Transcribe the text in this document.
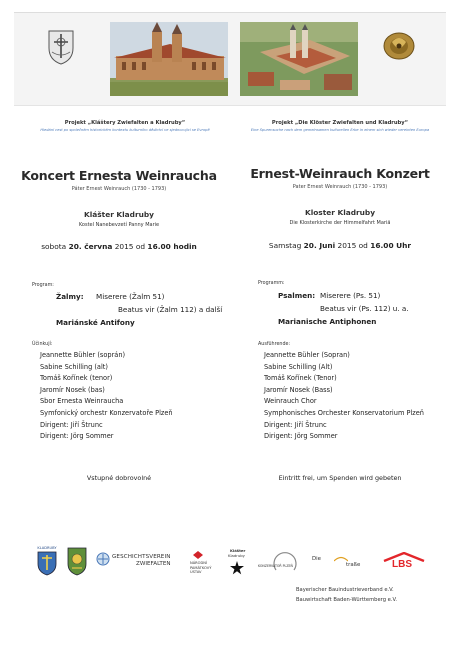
Projekt „Kláštery Zwiefalten a Kladruby“
Hledání cest po společném historickém kontextu kulturního dědictví ve sjednocující se Evropě
Projekt „Die Klöster Zwiefalten und Kladruby“
Eine Spurensuche nach dem gemeinsamen kulturellen Erbe in einem sich wieder vereinten Europa
Koncert Ernesta Weinraucha
Páter Ernest Weinrauch (1730 - 1793)
Klášter Kladruby
Kostel Nanebevzetí Panny Marie
sobota 20. června 2015 od 16.00 hodin
Program:
Žalmy: Miserere (Žalm 51)
Beatus vir (Žalm 112) a další
Mariánské Antifony
Účinkují:
Jeannette Bühler (soprán)
Sabine Schilling (alt)
Tomáš Kořínek (tenor)
Jaromír Nosek (bas)
Sbor Ernesta Weinraucha
Symfonický orchestr Konzervatoře Plzeň
Dirigent: Jiří Štrunc
Dirigent: Jörg Sommer
Vstupné dobrovolné
Ernest-Weinrauch Konzert
Pater Ernest Weinrauch (1730 - 1793)
Kloster Kladruby
Die Klosterkirche der Himmelfahrt Mariä
Samstag 20. Juni 2015 od 16.00 Uhr
Programm:
Psalmen: Miserere (Ps. 51)
Beatus vir (Ps. 112) u. a.
Marianische Antiphonen
Ausführende:
Jeannette Bühler (Sopran)
Sabine Schilling (Alt)
Tomáš Kořínek (Tenor)
Jaromír Nosek (Bass)
Weinrauch Chor
Symphonisches Orchester Konservatorium Plzeň
Dirigent: Jiří Štrunc
Dirigent: Jörg Sommer
Eintritt frei, um Spenden wird gebeten
KLADRUBY
GESCHICHTSVEREIN
ZWIEFALTEN	NÁRODNÍ
PAMÁTKOVÝ
ÚSTAV
Klášter
Kladruby
KONZERVATOŘ PLZEŇ
Die
traße	LBS
Bayerischer Bauindustrieverband e.V.
Bauwirtschaft Baden-Württemberg e.V.
